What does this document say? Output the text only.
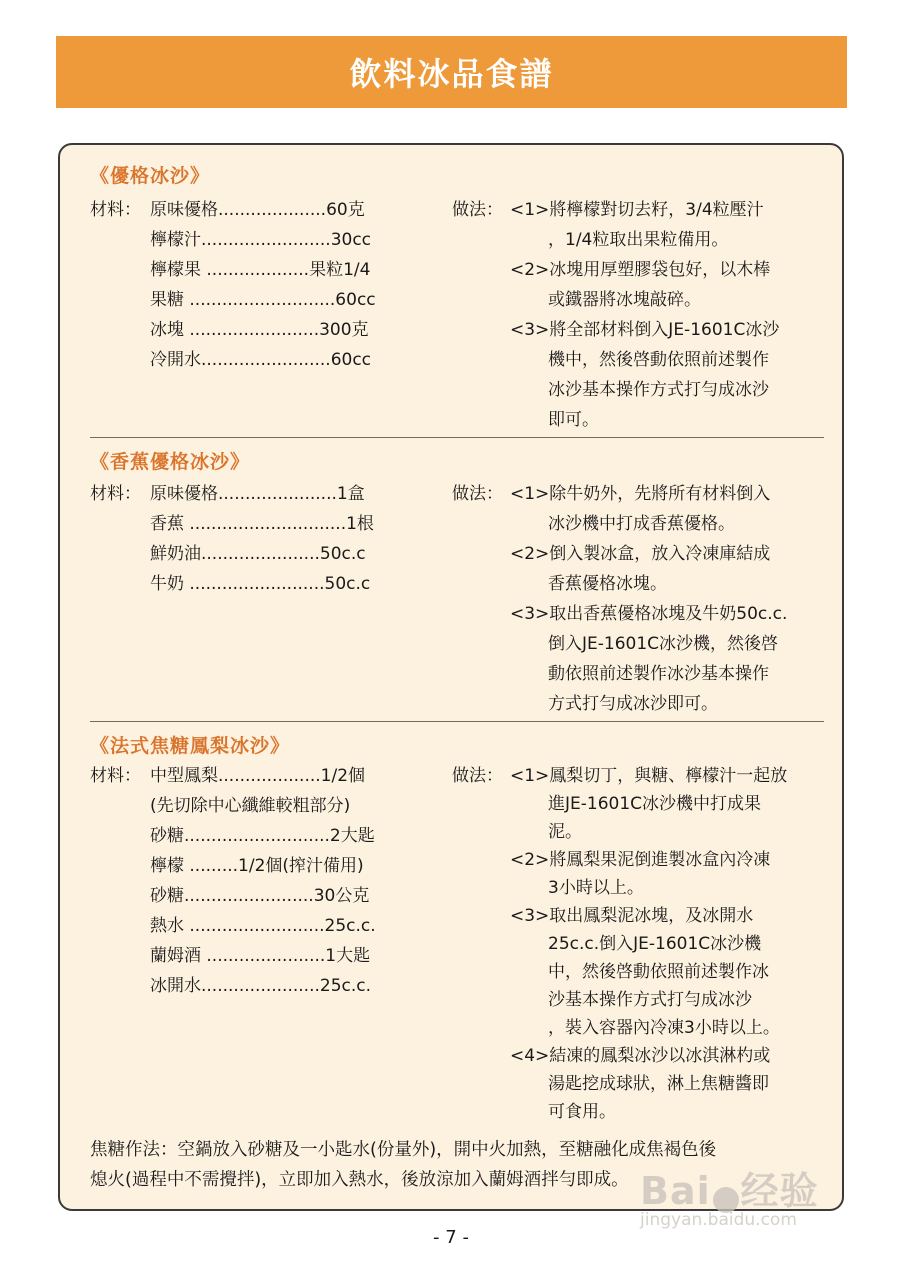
飲料冰品食譜
《優格冰沙》
材料： 原味優格....................60克
檸檬汁........................30cc
檸檬果 ...................果粒1/4
果糖 ...........................60cc
冰塊 ........................300克
冷開水........................60cc
做法： <1>將檸檬對切去籽，3/4粒壓汁
，1/4粒取出果粒備用。
<2>冰塊用厚塑膠袋包好，以木棒
或鐵器將冰塊敲碎。
<3>將全部材料倒入JE-1601C冰沙
機中，然後啓動依照前述製作
冰沙基本操作方式打勻成冰沙
即可。
《香蕉優格冰沙》
材料： 原味優格......................1盒
香蕉 .............................1根
鮮奶油......................50c.c
牛奶 .........................50c.c
做法： <1>除牛奶外，先將所有材料倒入
冰沙機中打成香蕉優格。
<2>倒入製冰盒，放入冷凍庫結成
香蕉優格冰塊。
<3>取出香蕉優格冰塊及牛奶50c.c.
倒入JE-1601C冰沙機，然後啓
動依照前述製作冰沙基本操作
方式打勻成冰沙即可。
《法式焦糖鳳梨冰沙》
材料： 中型鳳梨...................1/2個
(先切除中心纖維較粗部分)
砂糖...........................2大匙
檸檬 .........1/2個(搾汁備用)
砂糖........................30公克
熱水 .........................25c.c.
蘭姆酒 ......................1大匙
冰開水......................25c.c.
做法： <1>鳳梨切丁，與糖、檸檬汁一起放
進JE-1601C冰沙機中打成果
泥。
<2>將鳳梨果泥倒進製冰盒內冷凍
3小時以上。
<3>取出鳳梨泥冰塊，及冰開水
25c.c.倒入JE-1601C冰沙機
中，然後啓動依照前述製作冰
沙基本操作方式打勻成冰沙
，裝入容器內冷凍3小時以上。
<4>結凍的鳳梨冰沙以冰淇淋杓或
湯匙挖成球狀，淋上焦糖醬即
可食用。
焦糖作法：空鍋放入砂糖及一小匙水(份量外)，開中火加熱，至糖融化成焦褐色後
熄火(過程中不需攪拌)，立即加入熱水，後放涼加入蘭姆酒拌勻即成。 Bai 经验
jingyan.baidu.com
- 7 -
